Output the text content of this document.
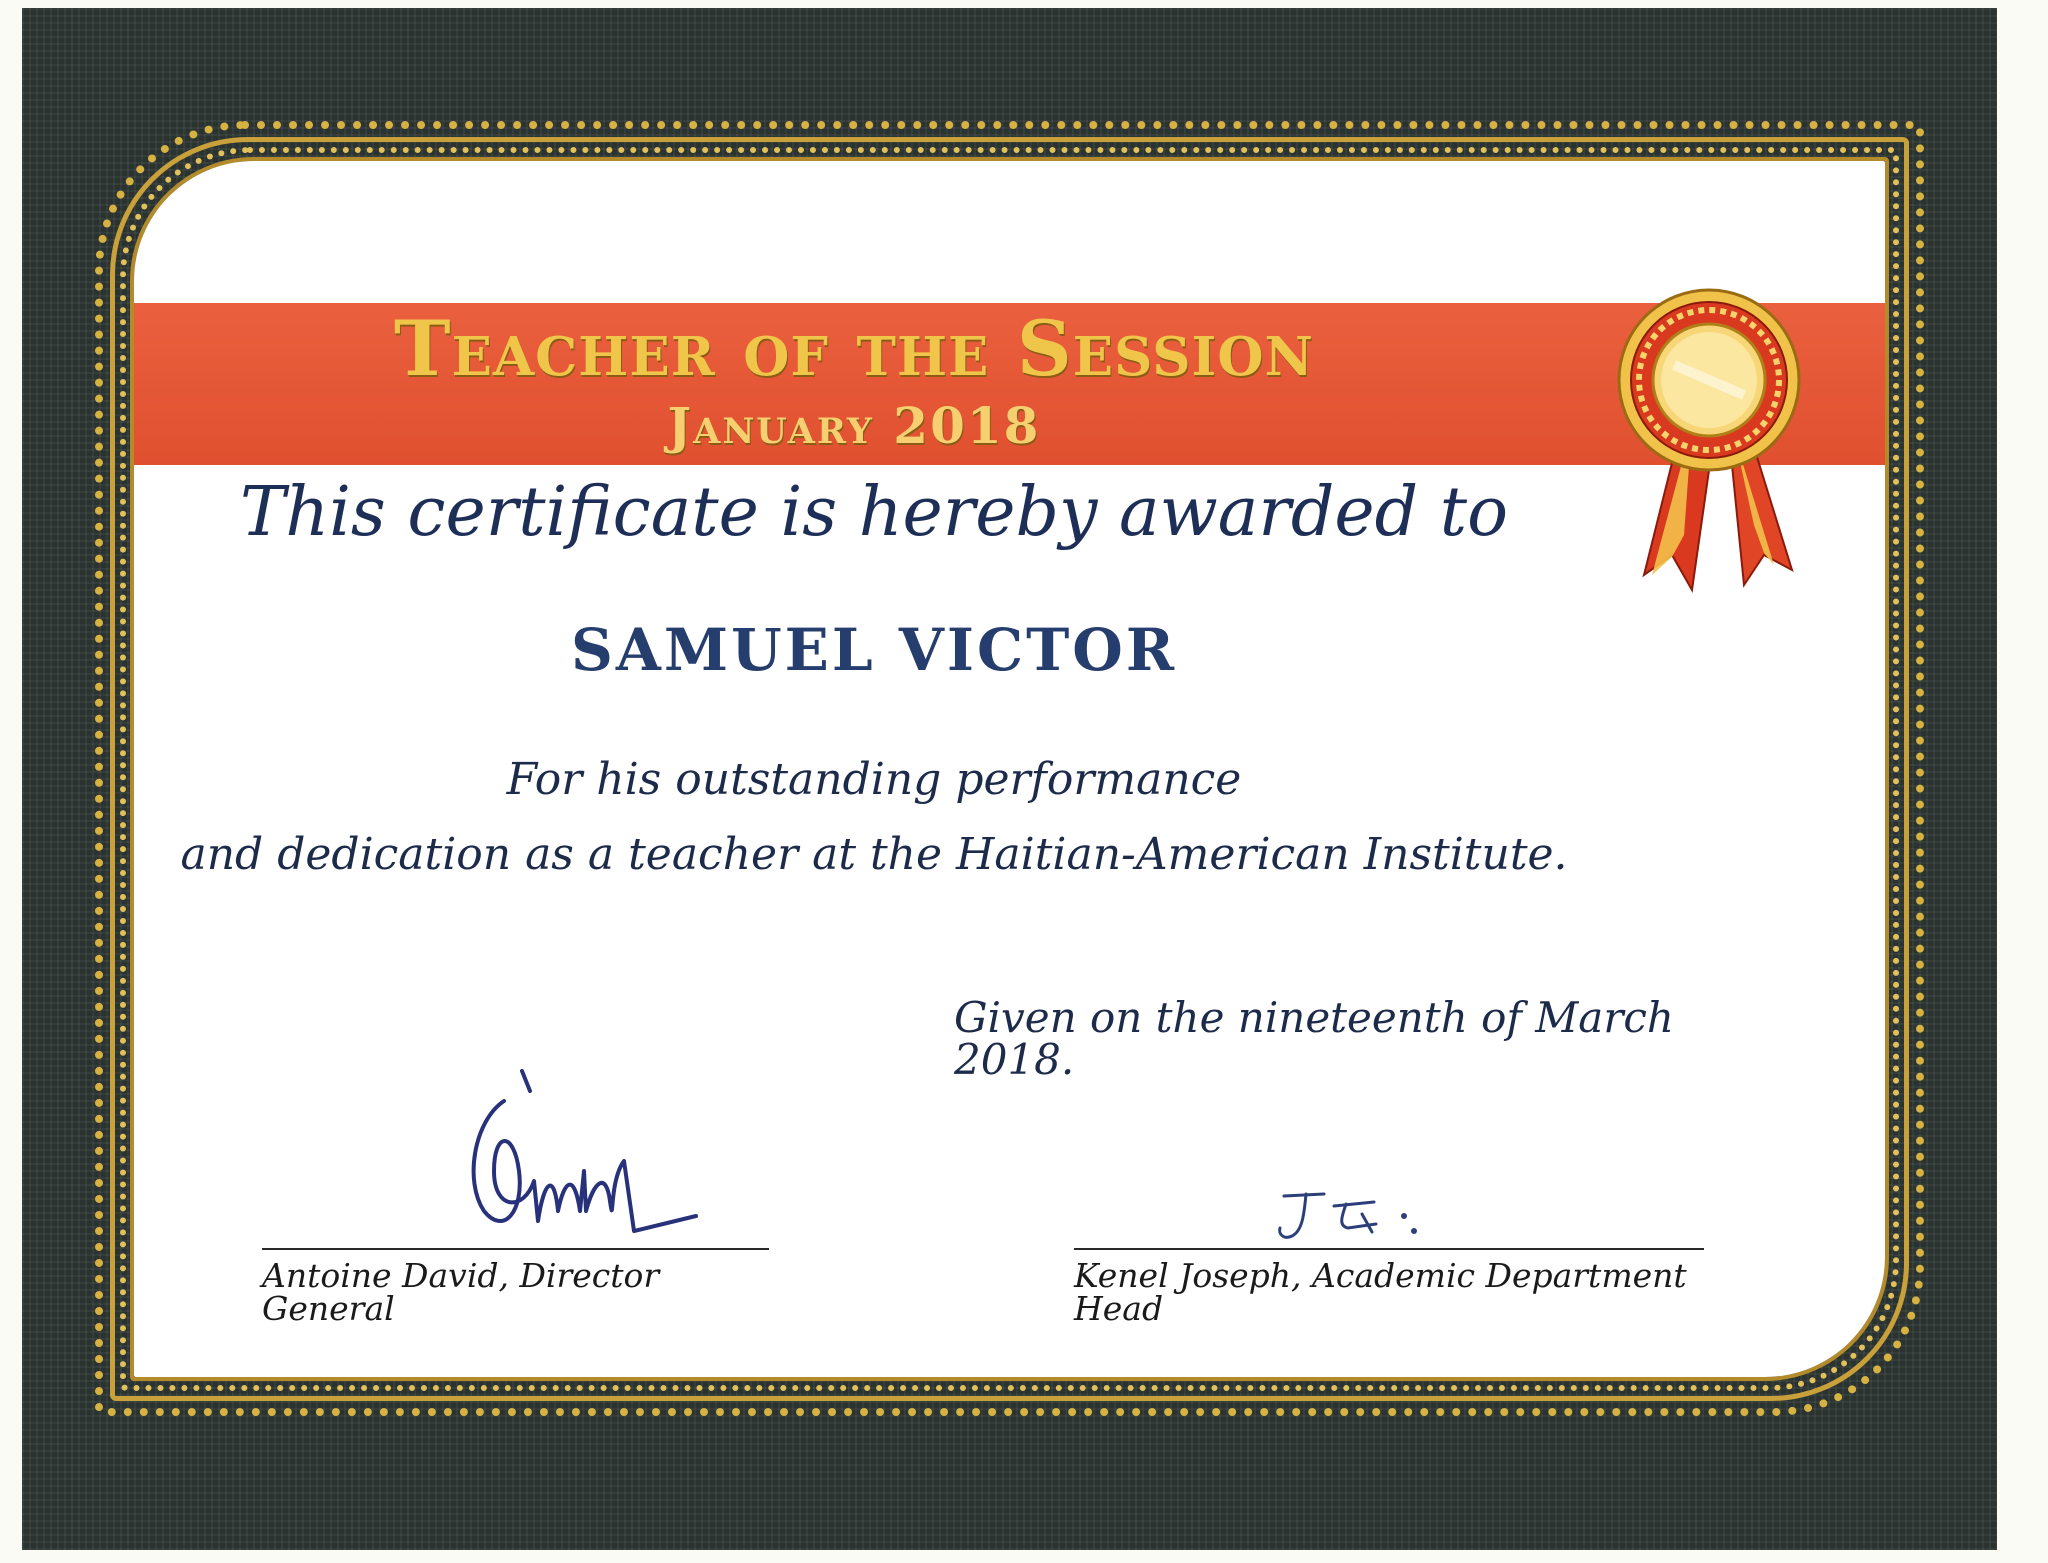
Teacher of the Session
January 2018
This certificate is hereby awarded to
SAMUEL VICTOR
For his outstanding performance
and dedication as a teacher at the Haitian-American Institute.
Given on the nineteenth of March 2018.
Antoine David, Director General
Kenel Joseph, Academic Department Head
